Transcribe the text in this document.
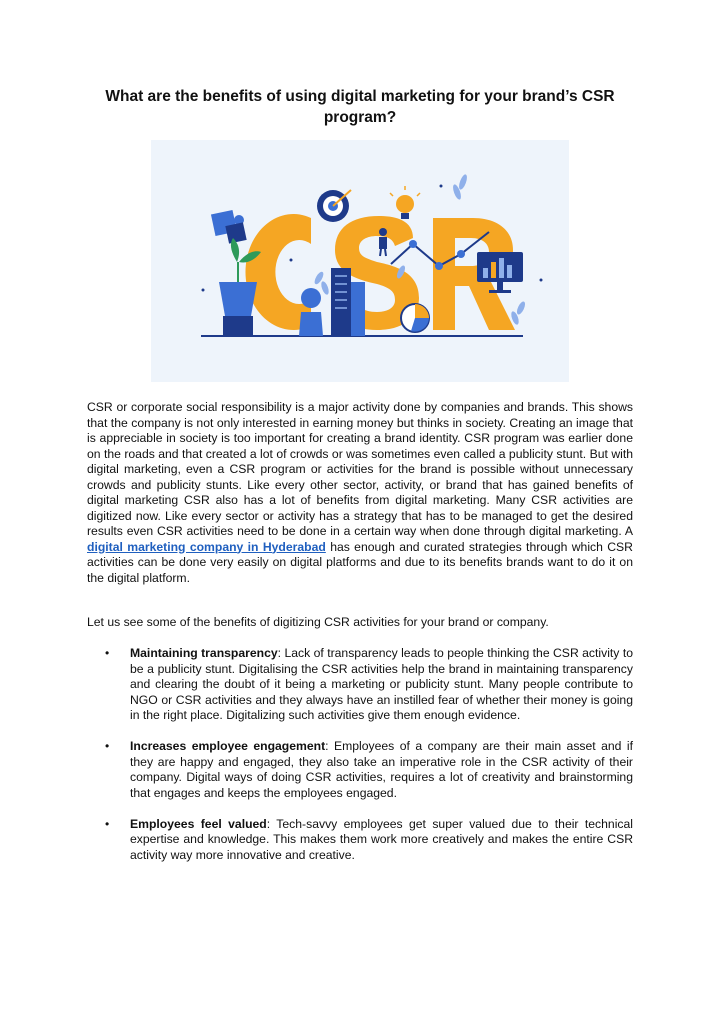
What are the benefits of using digital marketing for your brand’s CSR program?

CSR or corporate social responsibility is a major activity done by companies and brands. This shows that the company is not only interested in earning money but thinks in society. Creating an image that is appreciable in society is too important for creating a brand identity. CSR program was earlier done on the roads and that created a lot of crowds or was sometimes even called a publicity stunt. But with digital marketing, even a CSR program or activities for the brand is possible without unnecessary crowds and publicity stunts. Like every other sector, activity, or brand that has gained benefits of digital marketing CSR also has a lot of benefits from digital marketing. Many CSR activities are digitized now. Like every sector or activity has a strategy that has to be managed to get the desired results even CSR activities need to be done in a certain way when done through digital marketing. A digital marketing company in Hyderabad has enough and curated strategies through which CSR activities can be done very easily on digital platforms and due to its benefits brands want to do it on the digital platform.

Let us see some of the benefits of digitizing CSR activities for your brand or company.

• Maintaining transparency: Lack of transparency leads to people thinking the CSR activity to be a publicity stunt. Digitalising the CSR activities help the brand in maintaining transparency and clearing the doubt of it being a marketing or publicity stunt. Many people contribute to NGO or CSR activities and they always have an instilled fear of whether their money is going in the right place. Digitalizing such activities give them enough evidence.
• Increases employee engagement: Employees of a company are their main asset and if they are happy and engaged, they also take an imperative role in the CSR activity of their company. Digital ways of doing CSR activities, requires a lot of creativity and brainstorming that engages and keeps the employees engaged.
• Employees feel valued: Tech-savvy employees get super valued due to their technical expertise and knowledge. This makes them work more creatively and makes the entire CSR activity way more innovative and creative.
